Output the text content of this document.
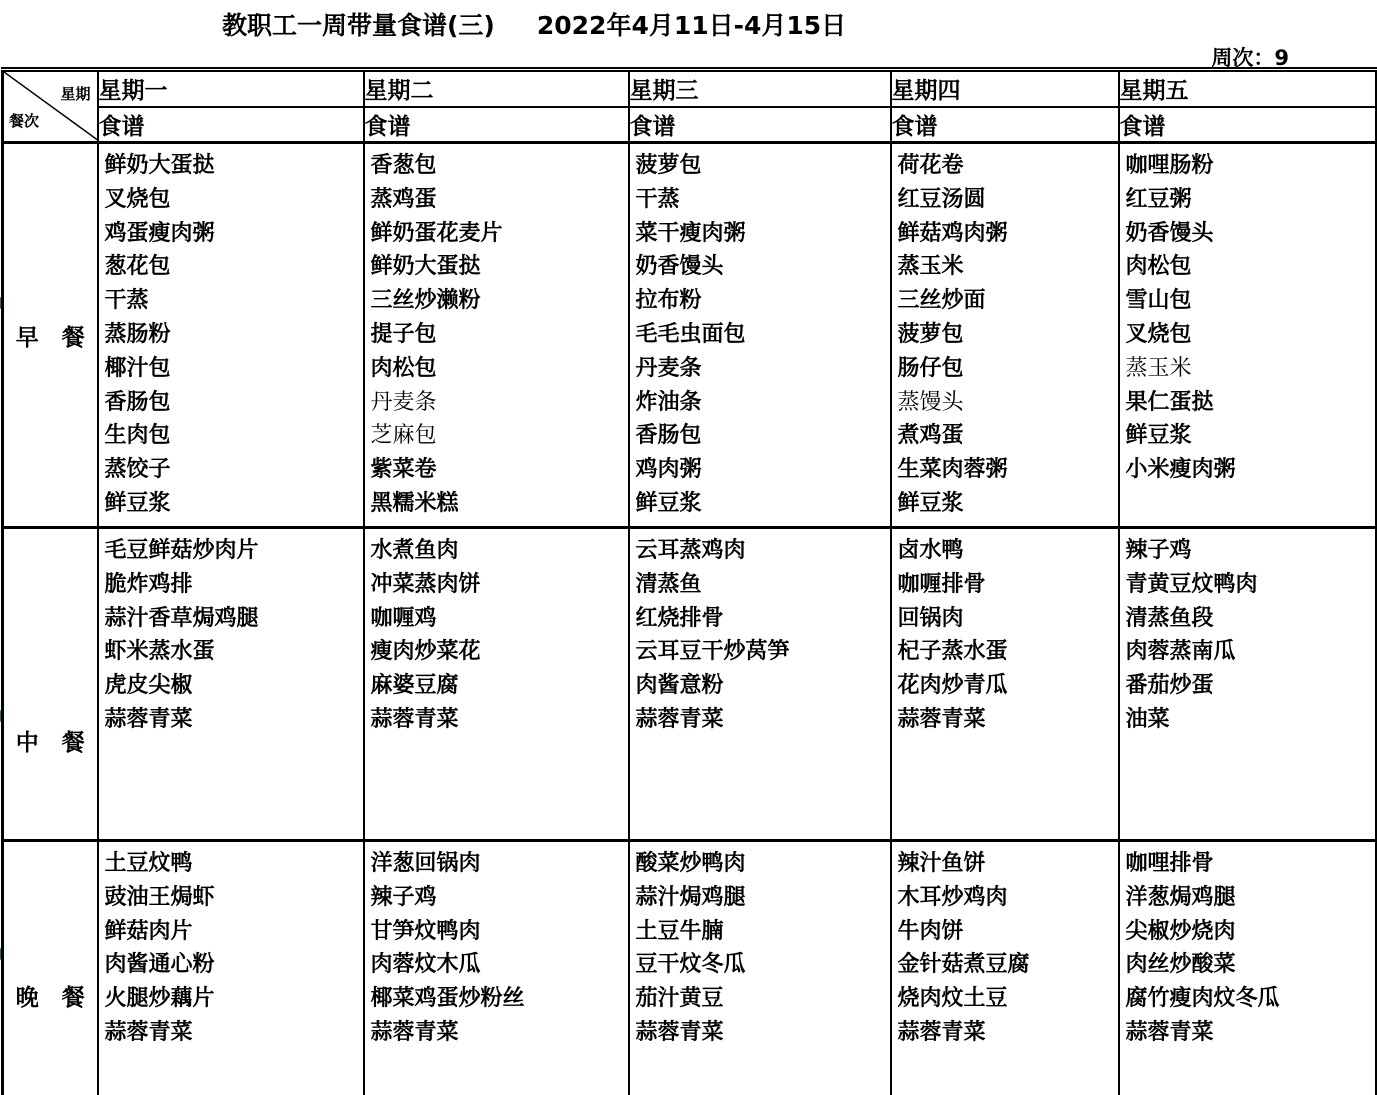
教职工一周带量食谱(三) 2022年4月11日-4月15日
周次：9
星期
餐次	星期一	星期二	星期三	星期四	星期五
	食谱	食谱	食谱	食谱	食谱
早　餐	
鲜奶大蛋挞
叉烧包
鸡蛋瘦肉粥
葱花包
干蒸
蒸肠粉
椰汁包
香肠包
生肉包
蒸饺子
鲜豆浆

香葱包
蒸鸡蛋
鲜奶蛋花麦片
鲜奶大蛋挞
三丝炒濑粉
提子包
肉松包
丹麦条
芝麻包
紫菜卷
黑糯米糕

菠萝包
干蒸
菜干瘦肉粥
奶香馒头
拉布粉
毛毛虫面包
丹麦条
炸油条
香肠包
鸡肉粥
鲜豆浆

荷花卷
红豆汤圆
鲜菇鸡肉粥
蒸玉米
三丝炒面
菠萝包
肠仔包
蒸馒头
煮鸡蛋
生菜肉蓉粥
鲜豆浆

咖哩肠粉
红豆粥
奶香馒头
肉松包
雪山包
叉烧包
蒸玉米
果仁蛋挞
鲜豆浆
小米瘦肉粥

中　餐	
毛豆鲜菇炒肉片
脆炸鸡排
蒜汁香草焗鸡腿
虾米蒸水蛋
虎皮尖椒
蒜蓉青菜

水煮鱼肉
冲菜蒸肉饼
咖喱鸡
瘦肉炒菜花
麻婆豆腐
蒜蓉青菜

云耳蒸鸡肉
清蒸鱼
红烧排骨
云耳豆干炒莴笋
肉酱意粉
蒜蓉青菜

卤水鸭
咖喱排骨
回锅肉
杞子蒸水蛋
花肉炒青瓜
蒜蓉青菜

辣子鸡
青黄豆炆鸭肉
清蒸鱼段
肉蓉蒸南瓜
番茄炒蛋
油菜

晚　餐	
土豆炆鸭
豉油王焗虾
鲜菇肉片
肉酱通心粉
火腿炒藕片
蒜蓉青菜

洋葱回锅肉
辣子鸡
甘笋炆鸭肉
肉蓉炆木瓜
椰菜鸡蛋炒粉丝
蒜蓉青菜

酸菜炒鸭肉
蒜汁焗鸡腿
土豆牛腩
豆干炆冬瓜
茄汁黄豆
蒜蓉青菜

辣汁鱼饼
木耳炒鸡肉
牛肉饼
金针菇煮豆腐
烧肉炆土豆
蒜蓉青菜

咖哩排骨
洋葱焗鸡腿
尖椒炒烧肉
肉丝炒酸菜
腐竹瘦肉炆冬瓜
蒜蓉青菜
